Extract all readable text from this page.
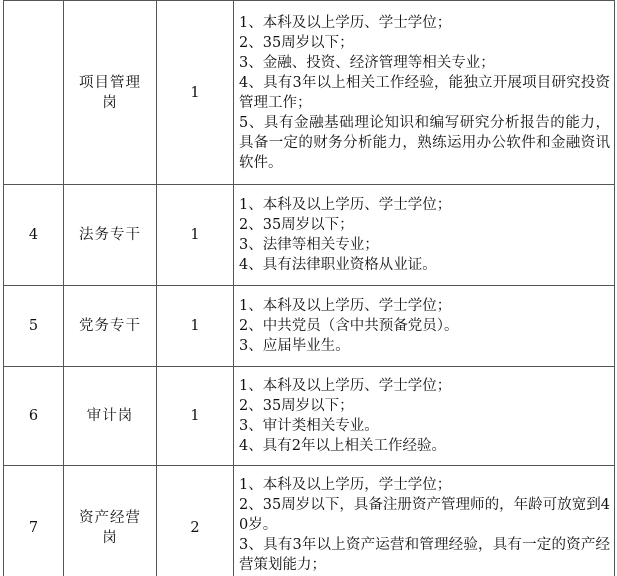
	项目管理岗	1	1、本科及以上学历、学士学位；
2、35周岁以下；
3、金融、投资、经济管理等相关专业；
4、具有3年以上相关工作经验，能独立开展项目研究投资管理工作；
5、具有金融基础理论知识和编写研究分析报告的能力，具备一定的财务分析能力，熟练运用办公软件和金融资讯软件。

4	法务专干	1	1、本科及以上学历、学士学位；
2、35周岁以下；
3、法律等相关专业；
4、具有法律职业资格从业证。

5	党务专干	1	1、本科及以上学历、学士学位；
2、中共党员（含中共预备党员）。
3、应届毕业生。

6	审计岗	1	1、本科及以上学历、学士学位；
2、35周岁以下；
3、审计类相关专业。
4、具有2年以上相关工作经验。

7	资产经营岗	2	1、本科及以上学历，学士学位；
2、35周岁以下，具备注册资产管理师的，年龄可放宽到40岁。
3、具有3年以上资产运营和管理经验，具有一定的资产经营策划能力；
